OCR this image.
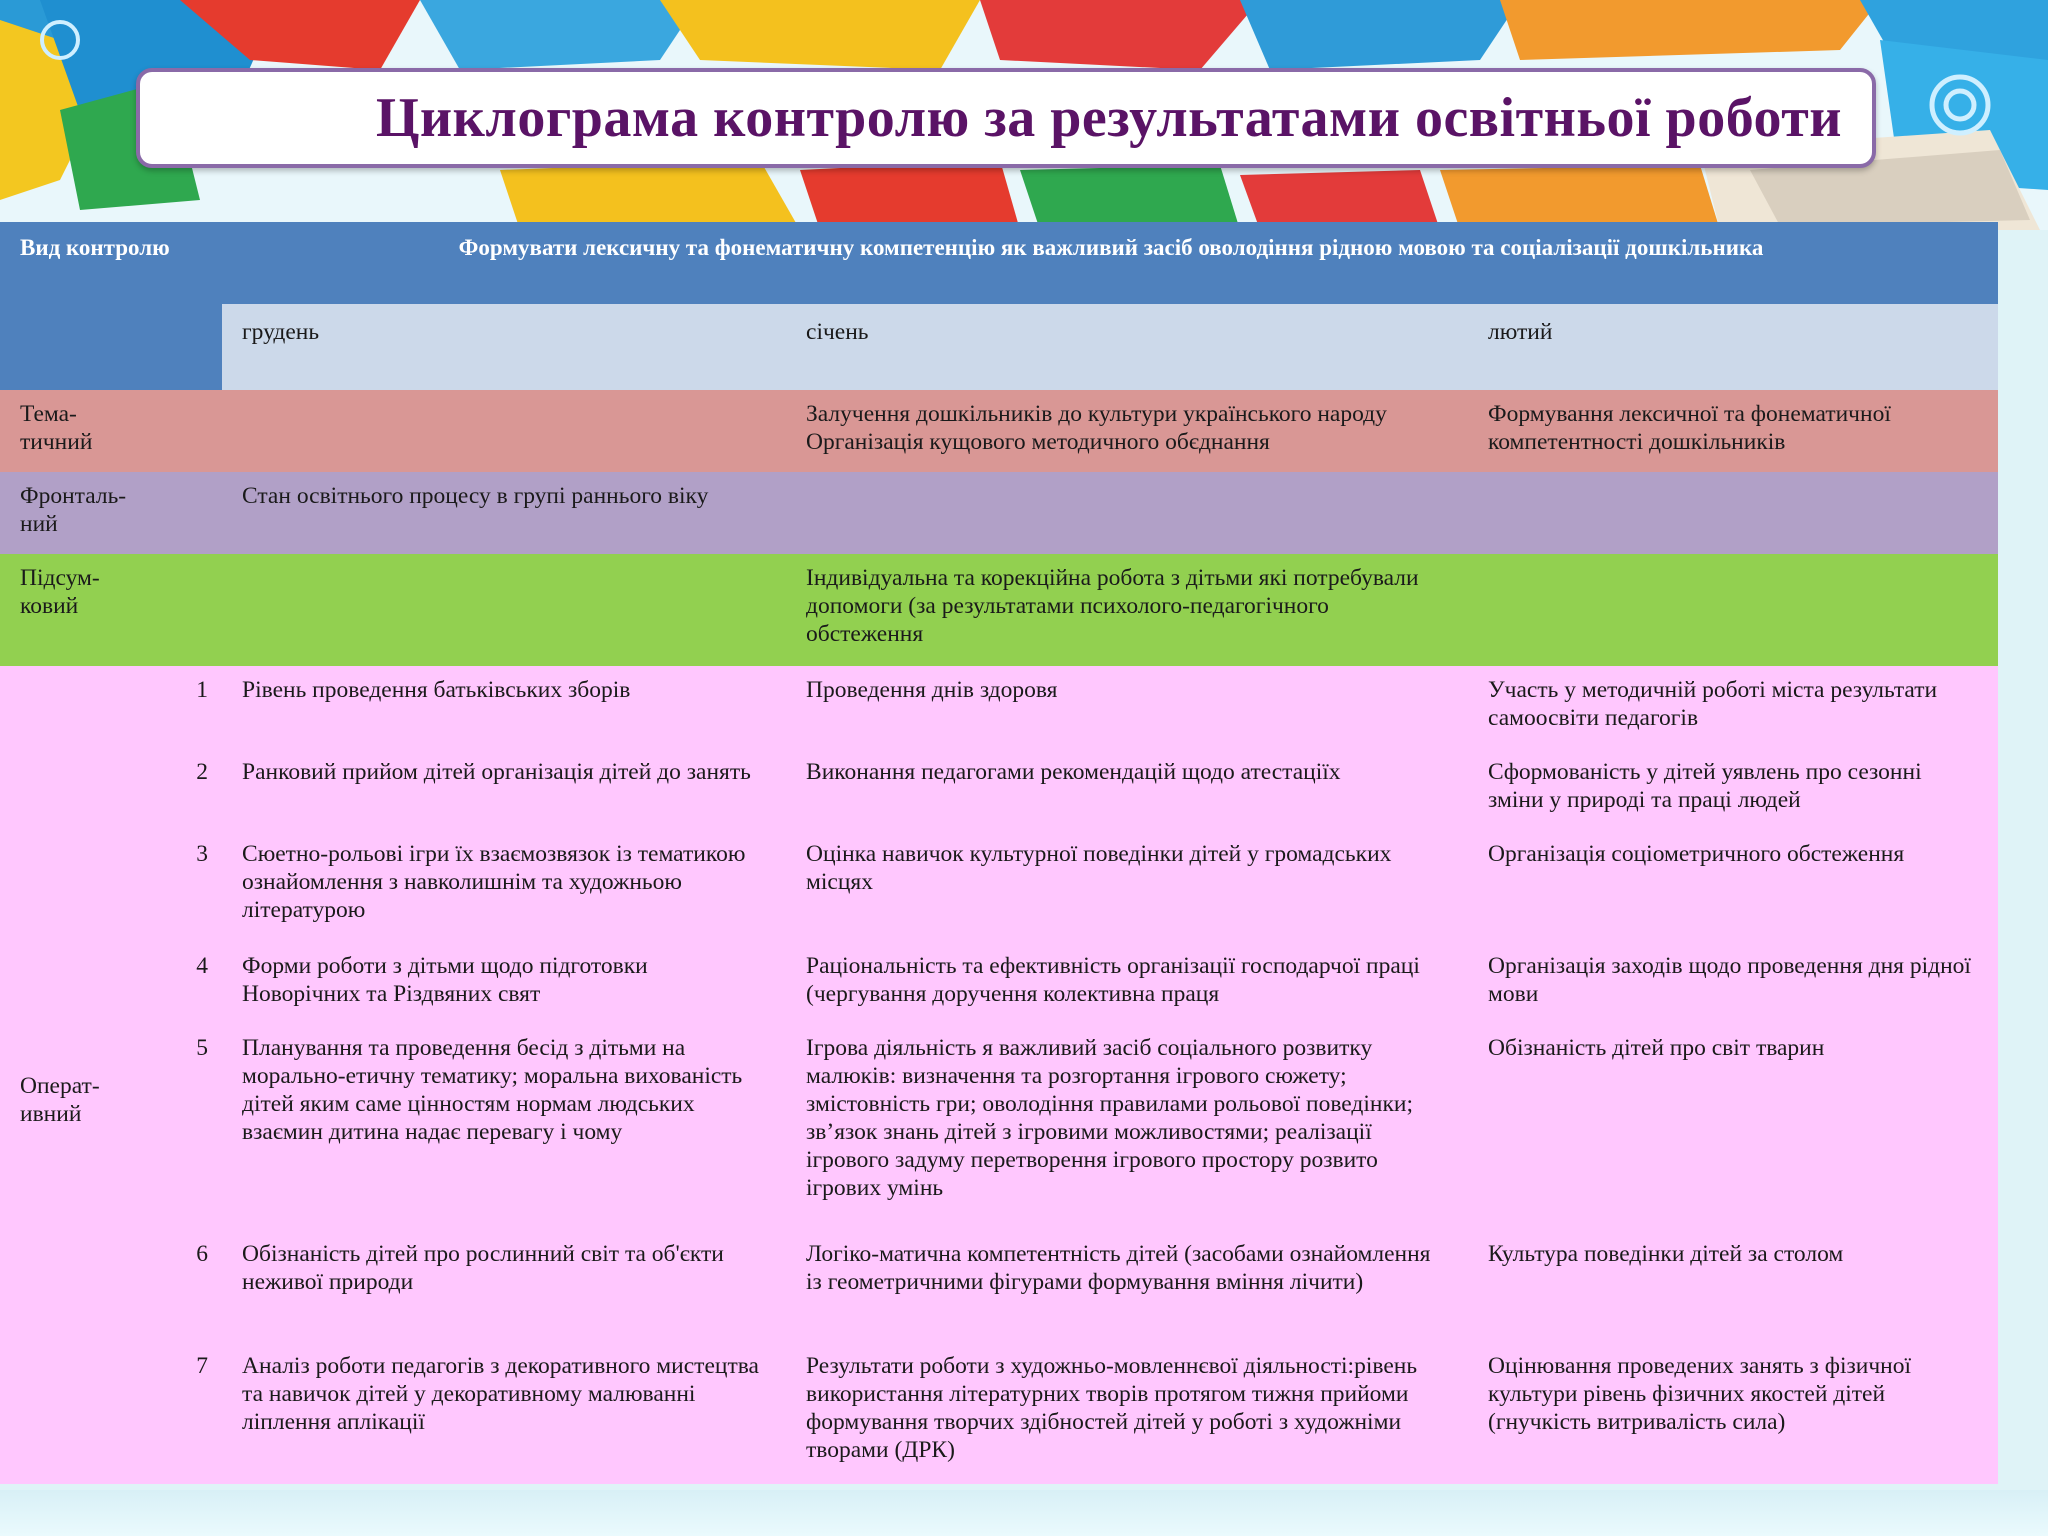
Циклограма контролю за результатами освітньої роботи
Вид контролю		Формувати лексичну та фонематичну компетенцію як важливий засіб оволодіння рідною мовою та соціалізації дошкільника		
		грудень	січень	лютий
Тема-
тичний			Залучення дошкільників до культури українського народу Організація кущового методичного обєднання	Формування лексичної та фонематичної компетентності дошкільників
Фронталь-
ний		Стан освітнього процесу в групі раннього віку		
Підсум-
ковий			Індивідуальна та корекційна робота з дітьми які потребували допомоги (за результатами психолого-педагогічного обстеження	
Операт-
ивний	1	Рівень проведення батьківських зборів	Проведення днів здоровя	Участь у методичній роботі міста результати самоосвіти педагогів
	2	Ранковий прийом дітей організація дітей до занять	Виконання педагогами рекомендацій щодо атестаціїх	Сформованість у дітей уявлень про сезонні зміни у природі та праці людей
	3	Сюетно-рольові ігри їх взаємозвязок із тематикою ознайомлення з навколишнім та художньою літературою	Оцінка навичок культурної поведінки дітей у громадських місцях	Організація соціометричного обстеження
	4	Форми роботи з дітьми щодо підготовки Новорічних та Різдвяних свят	Раціональність та ефективність організації господарчої праці (чергування доручення колективна праця	Організація заходів щодо проведення дня рідної мови
	5	Планування та проведення бесід з дітьми на морально-етичну тематику; моральна вихованість дітей яким саме цінностям нормам людських взаємин дитина надає перевагу і чому	Ігрова діяльність я важливий засіб соціального розвитку малюків: визначення та розгортання ігрового сюжету; змістовність гри; оволодіння правилами рольової поведінки; зв’язок знань дітей з ігровими можливостями; реалізації ігрового задуму перетворення ігрового простору розвито ігрових умінь	Обізнаність дітей про світ тварин
	6	Обізнаність дітей про рослинний світ та об'єкти неживої природи	Логіко-матична компетентність дітей (засобами ознайомлення із геометричними фігурами формування вміння лічити)	Культура поведінки дітей за столом
	7	Аналіз роботи педагогів з декоративного мистецтва та навичок дітей у декоративному малюванні ліплення аплікації	Результати роботи з художньо-мовленнєвої діяльності:рівень використання літературних творів протягом тижня прийоми формування творчих здібностей дітей у роботі з художніми творами (ДРК)	Оцінювання проведених занять з фізичної культури рівень фізичних якостей дітей (гнучкість витривалість сила)
